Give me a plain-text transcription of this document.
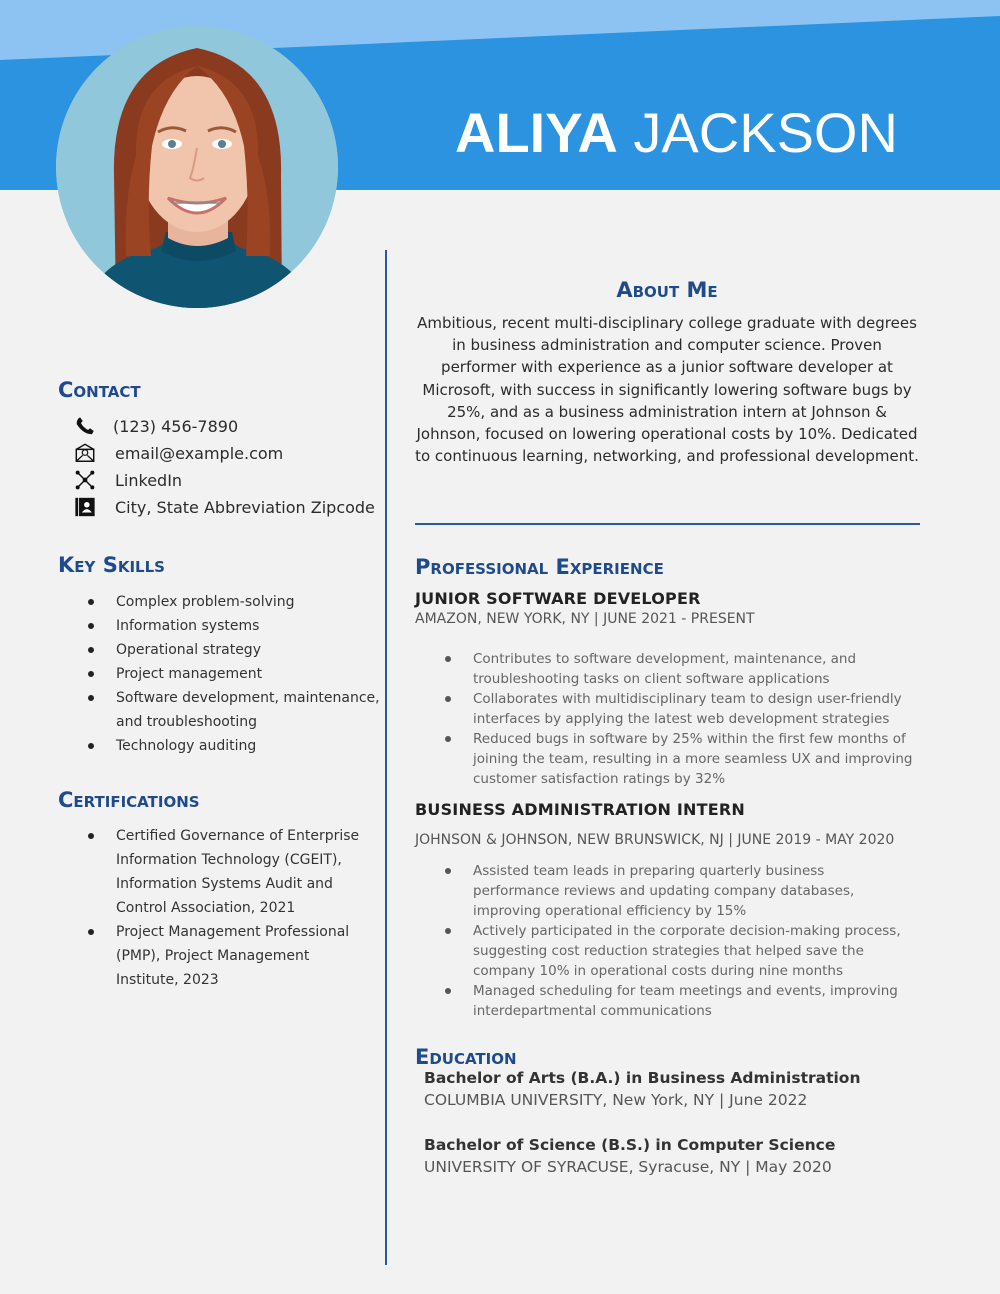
ALIYA JACKSON
Contact
(123) 456-7890
email@example.com
LinkedIn
City, State Abbreviation Zipcode
Key Skills
Complex problem-solving
Information systems
Operational strategy
Project management
Software development, maintenance, and troubleshooting
Technology auditing
Certifications
Certified Governance of Enterprise Information Technology (CGEIT), Information Systems Audit and Control Association, 2021
Project Management Professional (PMP), Project Management Institute, 2023
About Me

Ambitious, recent multi-disciplinary college graduate with degrees in business administration and computer science. Proven performer with experience as a junior software developer at Microsoft, with success in significantly lowering software bugs by 25%, and as a business administration intern at Johnson & Johnson, focused on lowering operational costs by 10%. Dedicated to continuous learning, networking, and professional development.

Professional Experience
JUNIOR SOFTWARE DEVELOPER
AMAZON, NEW YORK, NY | JUNE 2021 - PRESENT
Contributes to software development, maintenance, and troubleshooting tasks on client software applications
Collaborates with multidisciplinary team to design user-friendly interfaces by applying the latest web development strategies
Reduced bugs in software by 25% within the first few months of joining the team, resulting in a more seamless UX and improving customer satisfaction ratings by 32%
BUSINESS ADMINISTRATION INTERN
JOHNSON & JOHNSON, NEW BRUNSWICK, NJ | JUNE 2019 - MAY 2020
Assisted team leads in preparing quarterly business performance reviews and updating company databases, improving operational efficiency by 15%
Actively participated in the corporate decision-making process, suggesting cost reduction strategies that helped save the company 10% in operational costs during nine months
Managed scheduling for team meetings and events, improving interdepartmental communications
Education
Bachelor of Arts (B.A.) in Business Administration
COLUMBIA UNIVERSITY, New York, NY | June 2022
Bachelor of Science (B.S.) in Computer Science
UNIVERSITY OF SYRACUSE, Syracuse, NY | May 2020
